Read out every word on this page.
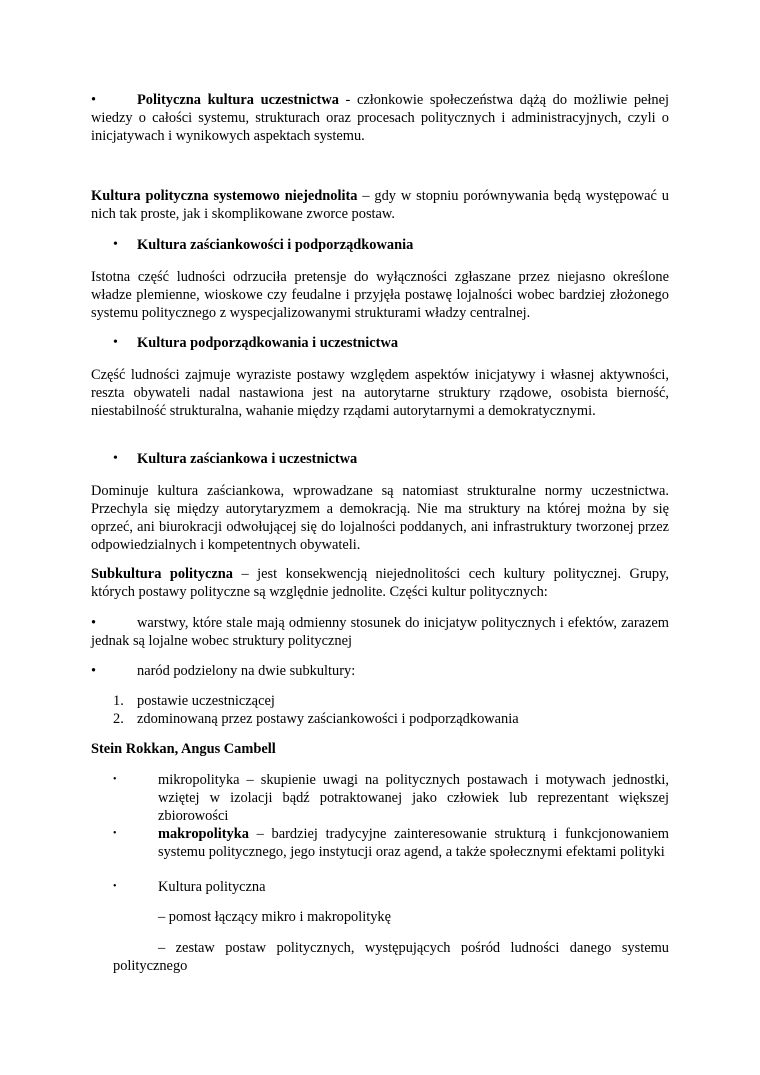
•	Polityczna kultura uczestnictwa - członkowie społeczeństwa dążą do możliwie pełnej wiedzy o całości systemu, strukturach oraz procesach politycznych i administracyjnych, czyli o inicjatywach i wynikowych aspektach systemu.
Kultura polityczna systemowo niejednolita – gdy w stopniu porównywania będą występować u nich tak proste, jak i skomplikowane zworce postaw.
• Kultura zaściankowości i podporządkowania
Istotna część ludności odrzuciła pretensje do wyłączności zgłaszane przez niejasno określone władze plemienne, wioskowe czy feudalne i przyjęła postawę lojalności wobec bardziej złożonego systemu politycznego z wyspecjalizowanymi strukturami władzy centralnej.
• Kultura podporządkowania i uczestnictwa
Część ludności zajmuje wyraziste postawy względem aspektów inicjatywy i własnej aktywności, reszta obywateli nadal nastawiona jest na autorytarne struktury rządowe, osobista bierność, niestabilność strukturalna, wahanie między rządami autorytarnymi a demokratycznymi.
• Kultura zaściankowa i uczestnictwa
Dominuje kultura zaściankowa, wprowadzane są natomiast strukturalne normy uczestnictwa. Przechyla się między autorytaryzmem a demokracją. Nie ma struktury na której można by się oprzeć, ani biurokracji odwołującej się do lojalności poddanych, ani infrastruktury tworzonej przez odpowiedzialnych i kompetentnych obywateli.
Subkultura polityczna – jest konsekwencją niejednolitości cech kultury politycznej. Grupy, których postawy polityczne są względnie jednolite. Części kultur politycznych:
•	warstwy, które stale mają odmienny stosunek do inicjatyw politycznych i efektów, zarazem jednak są lojalne wobec struktury politycznej
•	naród podzielony na dwie subkultury:
1. postawie uczestniczącej
2. zdominowaną przez postawy zaściankowości i podporządkowania
Stein Rokkan, Angus Cambell
•	mikropolityka – skupienie uwagi na politycznych postawach i motywach jednostki, wziętej w izolacji bądź potraktowanej jako człowiek lub reprezentant większej zbiorowości
•	makropolityka – bardziej tradycyjne zainteresowanie strukturą i funkcjonowaniem systemu politycznego, jego instytucji oraz agend, a także społecznymi efektami polityki
•	Kultura polityczna
– pomost łączący mikro i makropolitykę
– zestaw postaw politycznych, występujących pośród ludności danego systemu politycznego
